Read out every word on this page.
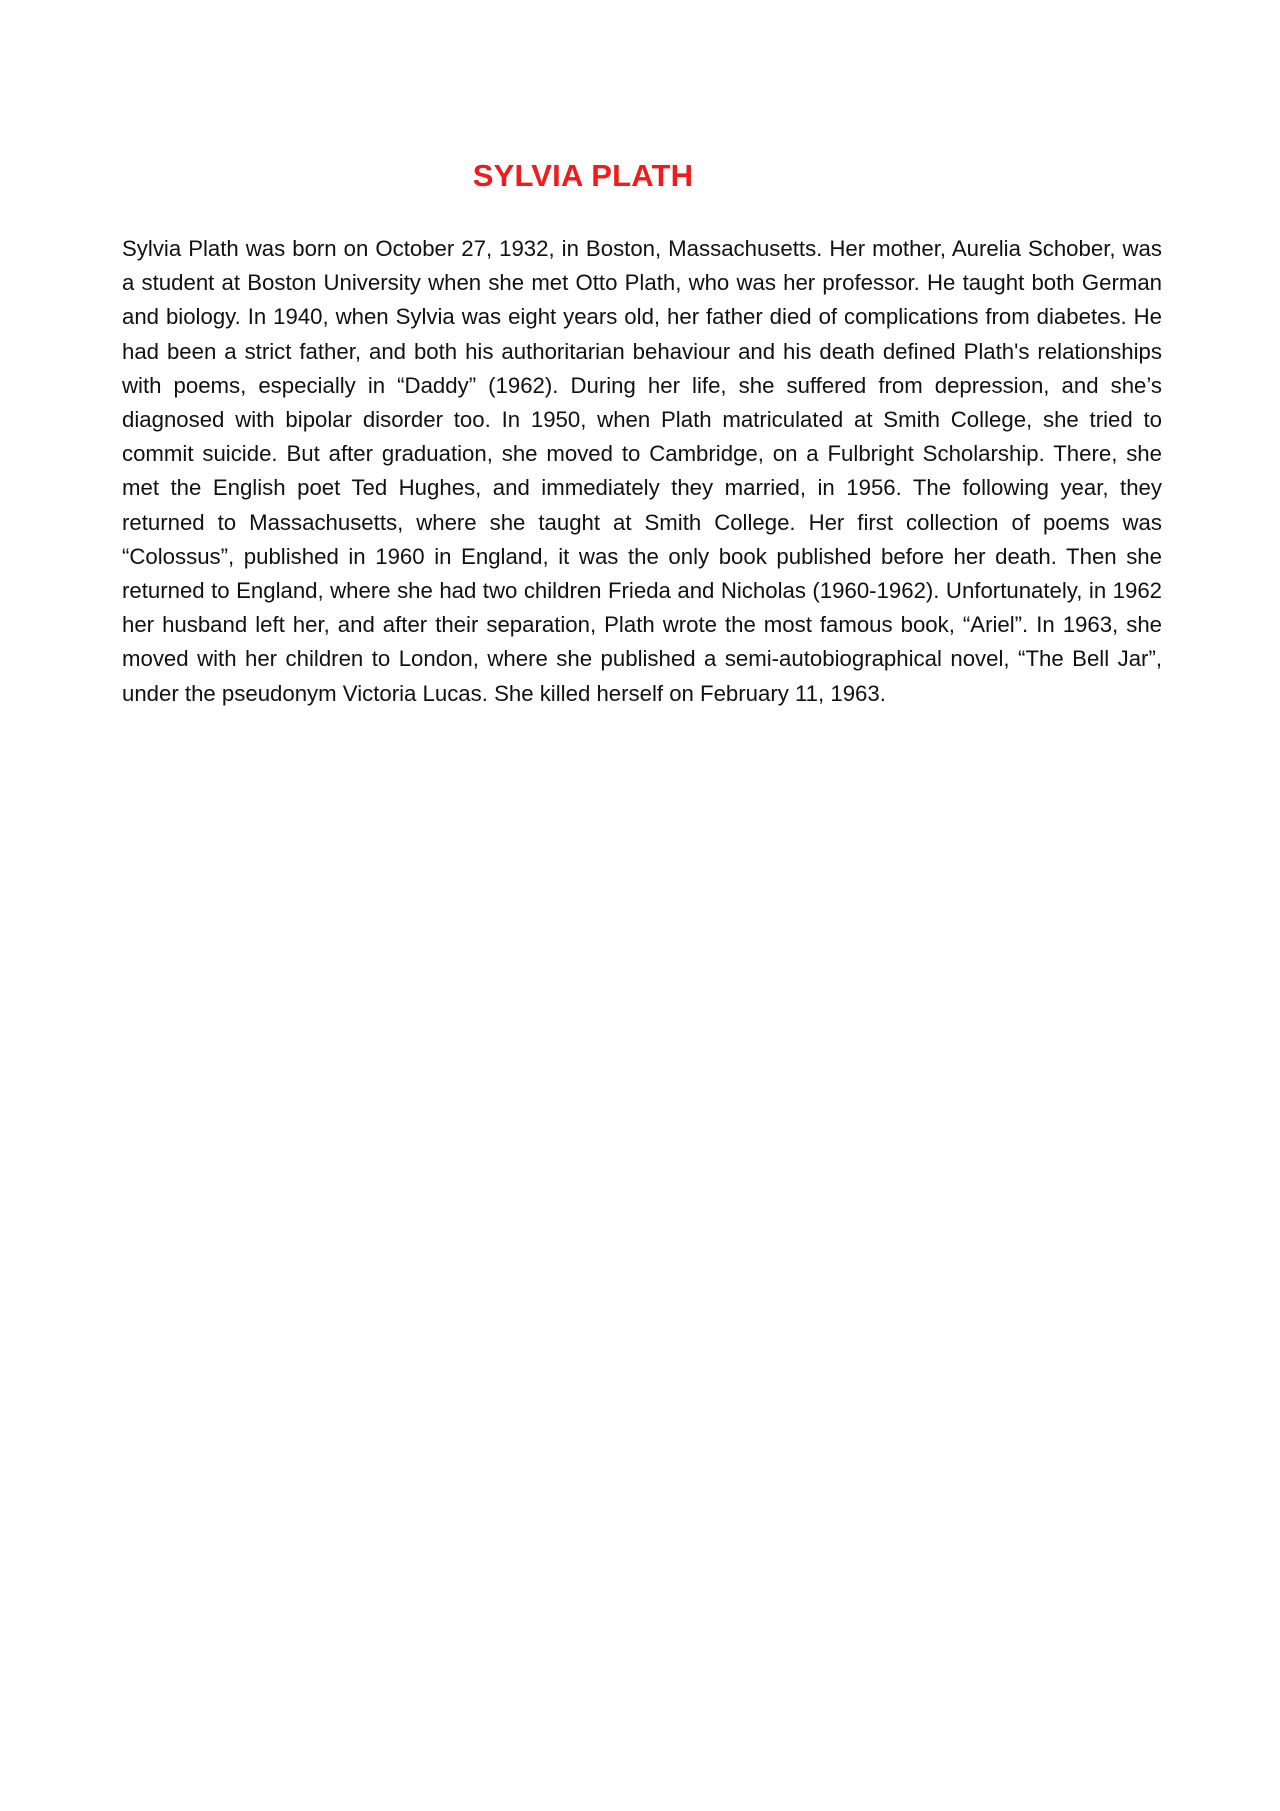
SYLVIA PLATH

Sylvia Plath was born on October 27, 1932, in Boston, Massachusetts. Her mother, Aurelia Schober, was a student at Boston University when she met Otto Plath, who was her professor. He taught both German and biology. In 1940, when Sylvia was eight years old, her father died of complications from diabetes. He had been a strict father, and both his authoritarian behaviour and his death defined Plath's relationships with poems, especially in “Daddy” (1962). During her life, she suffered from depression, and she’s diagnosed with bipolar disorder too. In 1950, when Plath matriculated at Smith College, she tried to commit suicide. But after graduation, she moved to Cambridge, on a Fulbright Scholarship. There, she met the English poet Ted Hughes, and immediately they married, in 1956. The following year, they returned to Massachusetts, where she taught at Smith College. Her first collection of poems was “Colossus”, published in 1960 in England, it was the only book published before her death. Then she returned to England, where she had two children Frieda and Nicholas (1960-1962). Unfortunately, in 1962 her husband left her, and after their separation, Plath wrote the most famous book, “Ariel”. In 1963, she moved with her children to London, where she published a semi-autobiographical novel, “The Bell Jar”, under the pseudonym Victoria Lucas. She killed herself on February 11, 1963.
